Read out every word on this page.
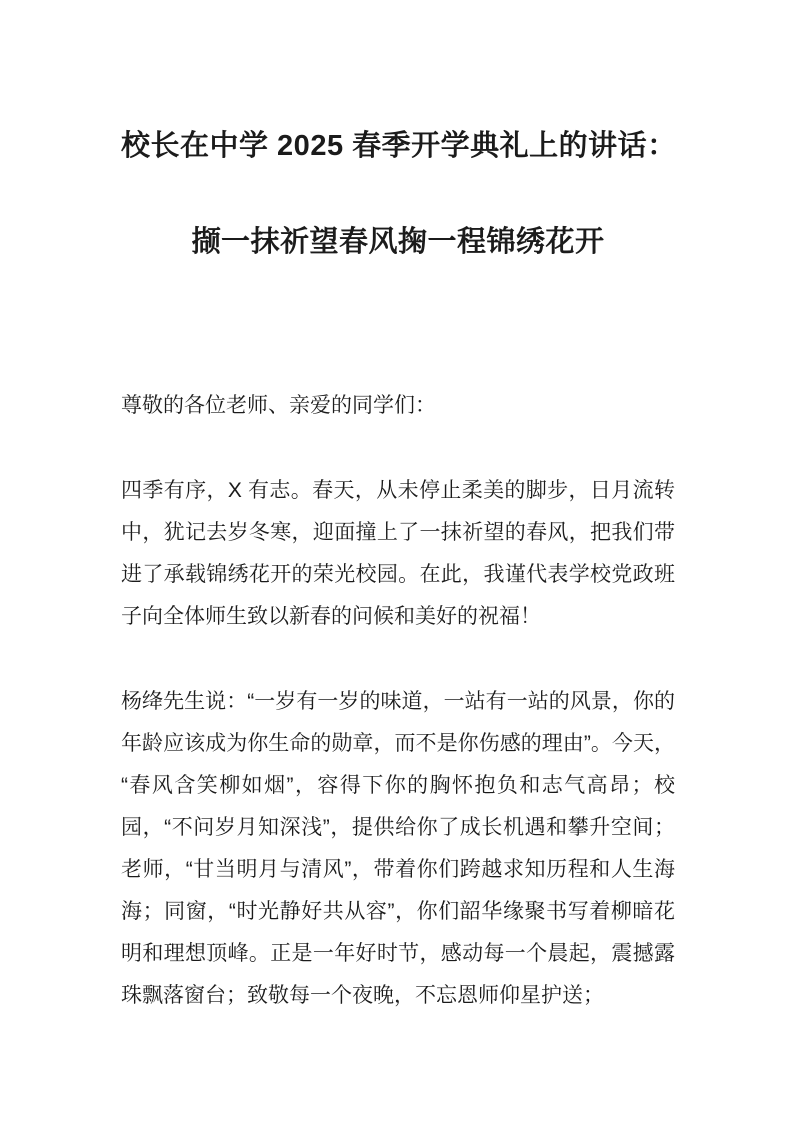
校长在中学 2025 春季开学典礼上的讲话：
撷一抹祈望春风掬一程锦绣花开

尊敬的各位老师、亲爱的同学们：

四季有序，X 有志。春天，从未停止柔美的脚步，日月流转中，犹记去岁冬寒，迎面撞上了一抹祈望的春风，把我们带进了承载锦绣花开的荣光校园。在此，我谨代表学校党政班子向全体师生致以新春的问候和美好的祝福！

杨绛先生说：“一岁有一岁的味道，一站有一站的风景，你的年龄应该成为你生命的勋章，而不是你伤感的理由”。今天，“春风含笑柳如烟”，容得下你的胸怀抱负和志气高昂；校园，“不问岁月知深浅”，提供给你了成长机遇和攀升空间；老师，“甘当明月与清风”，带着你们跨越求知历程和人生海海；同窗，“时光静好共从容”，你们韶华缘聚书写着柳暗花明和理想顶峰。正是一年好时节，感动每一个晨起，震撼露珠飘落窗台；致敬每一个夜晚，不忘恩师仰星护送；
